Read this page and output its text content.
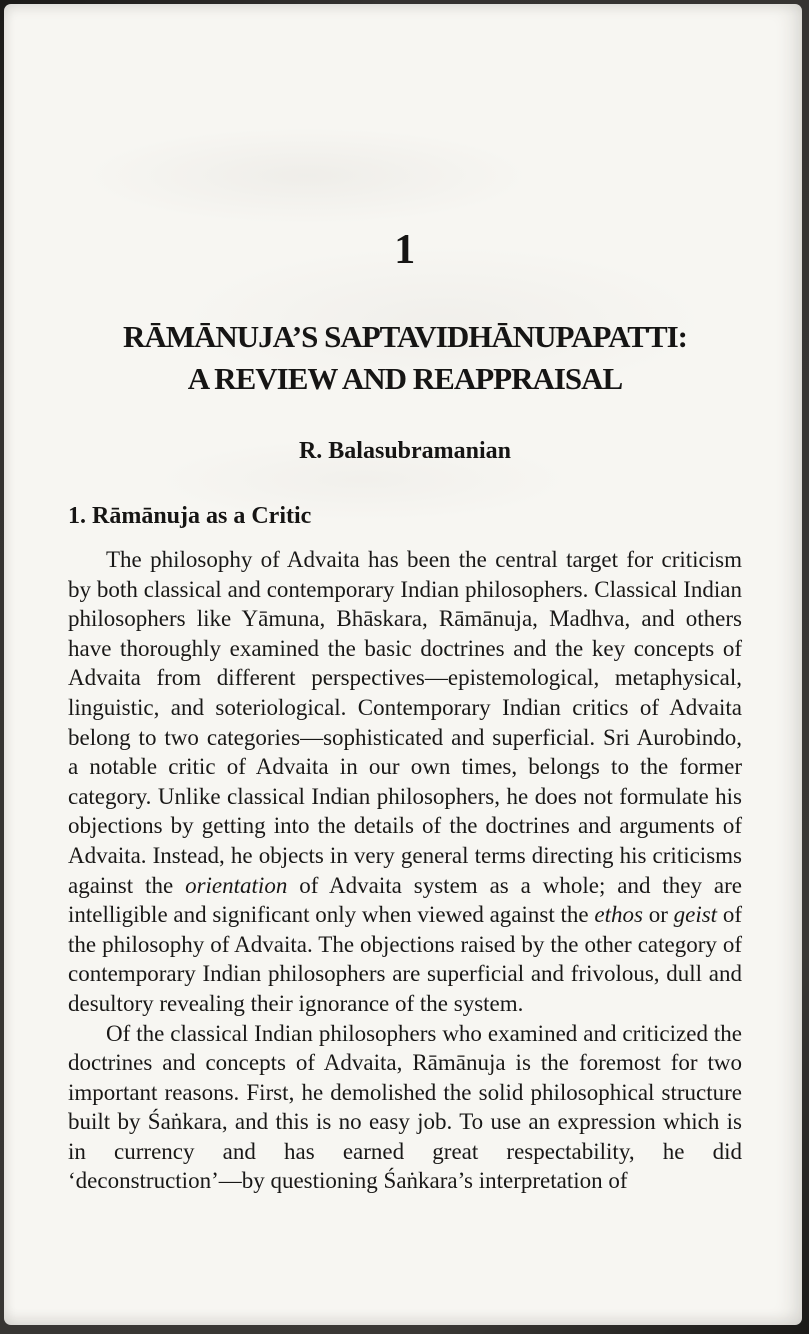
1
RĀMĀNUJA’S SAPTAVIDHĀNUPAPATTI:
A REVIEW AND REAPPRAISAL
R. Balasubramanian
1. Rāmānuja as a Critic

The philosophy of Advaita has been the central target for criticism by both classical and contemporary Indian philosophers. Classical Indian philosophers like Yāmuna, Bhāskara, Rāmānuja, Madhva, and others have thoroughly examined the basic doctrines and the key concepts of Advaita from different perspectives—epistemological, metaphysical, linguistic, and soteriological. Contemporary Indian critics of Advaita belong to two categories—sophisticated and superficial. Sri Aurobindo, a notable critic of Advaita in our own times, belongs to the former category. Unlike classical Indian philosophers, he does not formulate his objections by getting into the details of the doctrines and arguments of Advaita. Instead, he objects in very general terms directing his criticisms against the orientation of Advaita system as a whole; and they are intelligible and significant only when viewed against the ethos or geist of the philosophy of Advaita. The objections raised by the other category of contemporary Indian philosophers are superficial and frivolous, dull and desultory revealing their ignorance of the system.

Of the classical Indian philosophers who examined and criticized the doctrines and concepts of Advaita, Rāmānuja is the foremost for two important reasons. First, he demolished the solid philosophical structure built by Śaṅkara, and this is no easy job. To use an expression which is in currency and has earned great respectability, he did ‘deconstruction’—by questioning Śaṅkara’s interpretation of
